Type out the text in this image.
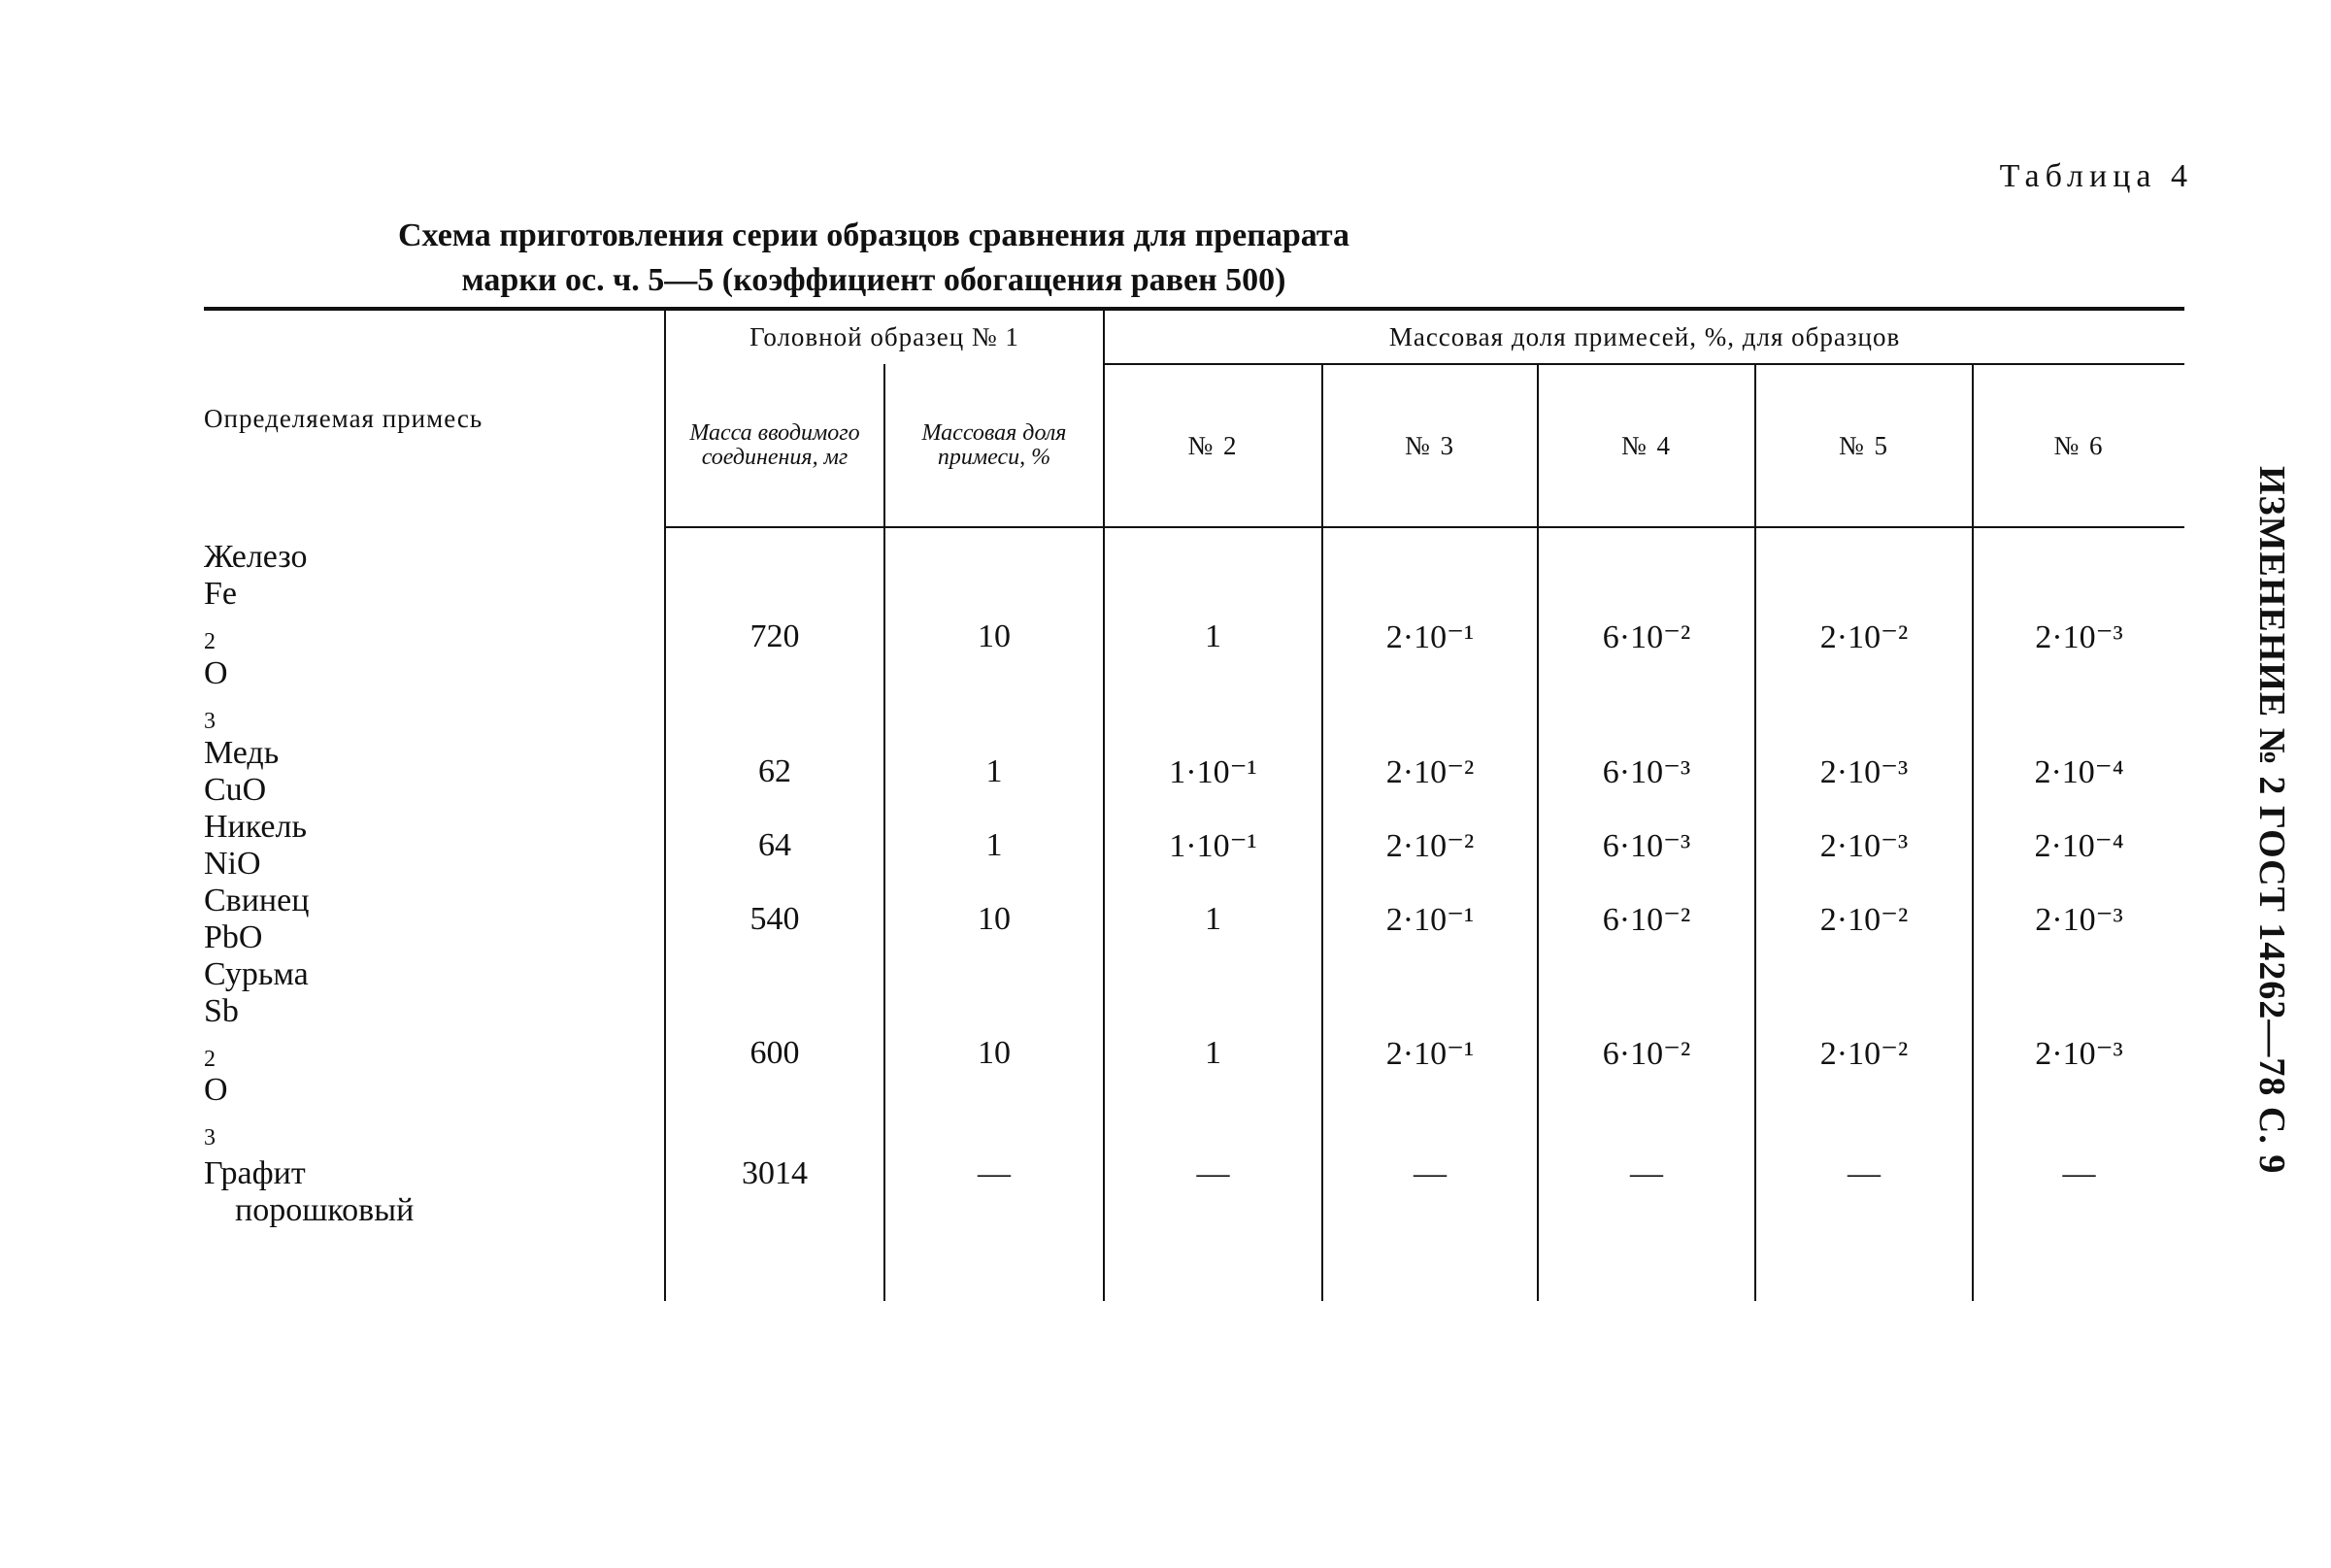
Таблица 4
Схема приготовления серии образцов сравнения для препарата
марки ос. ч. 5—5 (коэффициент обогащения равен 500)
ИЗМЕНЕНИЕ № 2 ГОСТ 14262—78 С. 9
Определяемая примесь	Головной образец № 1		Массовая доля примесей, %, для образцов				
	Масса вводимого соединения, мг	Массовая доля примеси, %	№ 2	№ 3	№ 4	№ 5	№ 6

Железо
Fe
$_2$
O
$_3$	720	10	1	2·10⁻¹	6·10⁻²	2·10⁻²	2·10⁻³

Медь
CuO	62	1	1·10⁻¹	2·10⁻²	6·10⁻³	2·10⁻³	2·10⁻⁴

Никель
NiO	64	1	1·10⁻¹	2·10⁻²	6·10⁻³	2·10⁻³	2·10⁻⁴

Свинец
PbO	540	10	1	2·10⁻¹	6·10⁻²	2·10⁻²	2·10⁻³

Сурьма
Sb
$_2$
O
$_3$	600	10	1	2·10⁻¹	6·10⁻²	2·10⁻²	2·10⁻³

Графит
порошковый	3014	—	—	—	—	—	—
